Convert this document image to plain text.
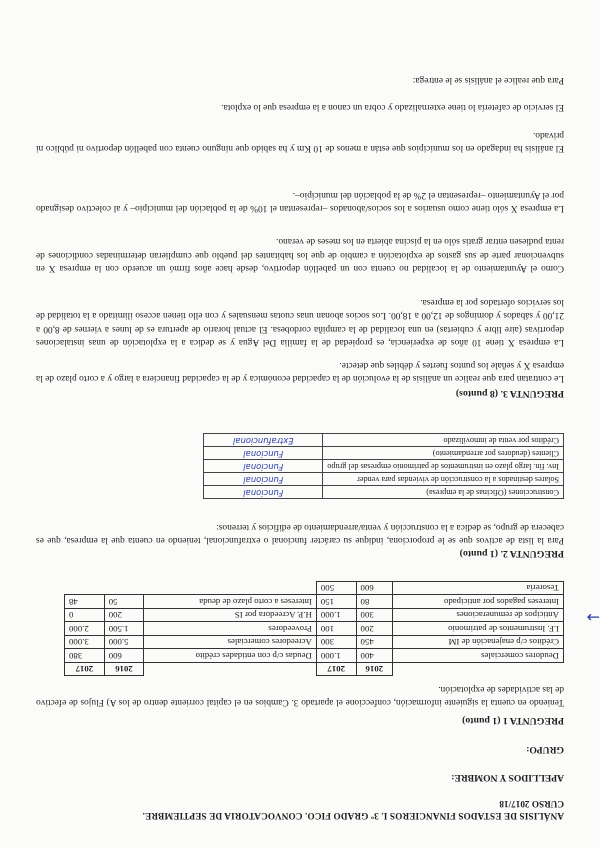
ANÁLISIS DE ESTADOS FINANCIEROS I. 3º GRADO FICO. CONVOCATORIA DE SEPTIEMBRE.
CURSO 2017/18
APELLIDOS Y NOMBRE:
GRUPO:
PREGUNTA 1 (1 punto)
Teniendo en cuenta la siguiente información, confeccione el apartado 3. Cambios en el capital corriente dentro de los A) Flujos de efectivo de las actividades de explotación.
	2016	2017		2016	2017
Deudores comerciales	400	1.000	Deudas c/p con entidades crédito	600	380
Créditos c/p enajenación de IM	450	300	Acreedores comerciales	5.000	3.000
I.F. Instrumentos de patrimonio	200	100	Proveedores	1.500	2.000
Anticipos de remuneraciones	300	1.000	H.P. Acreedora por IS	200	0
Intereses pagados por anticipado	80	150	Intereses a corto plazo de deuda	50	48
Tesorería	600	500			
→
PREGUNTA 2. (1 punto)
Para la lista de activos que se le proporciona, indique su carácter funcional o extrafuncional, teniendo en cuenta que la empresa, que es cabecera de grupo, se dedica a la construcción y venta/arrendamiento de edificios y terrenos:
Construcciones (Oficinas de la empresa)	Funcional
Solares destinados a la construcción de viviendas para vender	Funcional
Inv. fin. largo plazo en instrumentos de patrimonio empresas del grupo	Funcional
Clientes (deudores por arrendamiento)	Funcional
Créditos por venta de inmovilizado	Extrafuncional
PREGUNTA 3. (8 puntos)
Le contratan para que realice un análisis de la evolución de la capacidad económica y de la capacidad financiera a largo y a corto plazo de la empresa X y señale los puntos fuertes y débiles que detecte.
La empresa X tiene 10 años de experiencia, es propiedad de la familia Del Agua y se dedica a la explotación de unas instalaciones deportivas (aire libre y cubiertas) en una localidad de la campiña cordobesa. El actual horario de apertura es de lunes a viernes de 8,00 a 21,00 y sábados y domingos de 12,00 a 18,00. Los socios abonan unas cuotas mensuales y con ello tienen acceso ilimitado a la totalidad de los servicios ofertados por la empresa.
Como el Ayuntamiento de la localidad no cuenta con un pabellón deportivo, desde hace años firmó un acuerdo con la empresa X en subvencionar parte de sus gastos de explotación a cambio de que los habitantes del pueblo que cumplieran determinadas condiciones de renta pudiesen entrar gratis sólo en la piscina abierta en los meses de verano.
La empresa X sólo tiene como usuarios a los socios/abonados –representan el 10% de la población del municipio– y al colectivo designado por el Ayuntamiento –representan el 2% de la población del municipio–.
El análisis ha indagado en los municipios que están a menos de 10 Km y ha sabido que ninguno cuenta con pabellón deportivo ni público ni privado.
El servicio de cafetería lo tiene externalizado y cobra un canon a la empresa que lo explota.
Para que realice el análisis se le entrega:
